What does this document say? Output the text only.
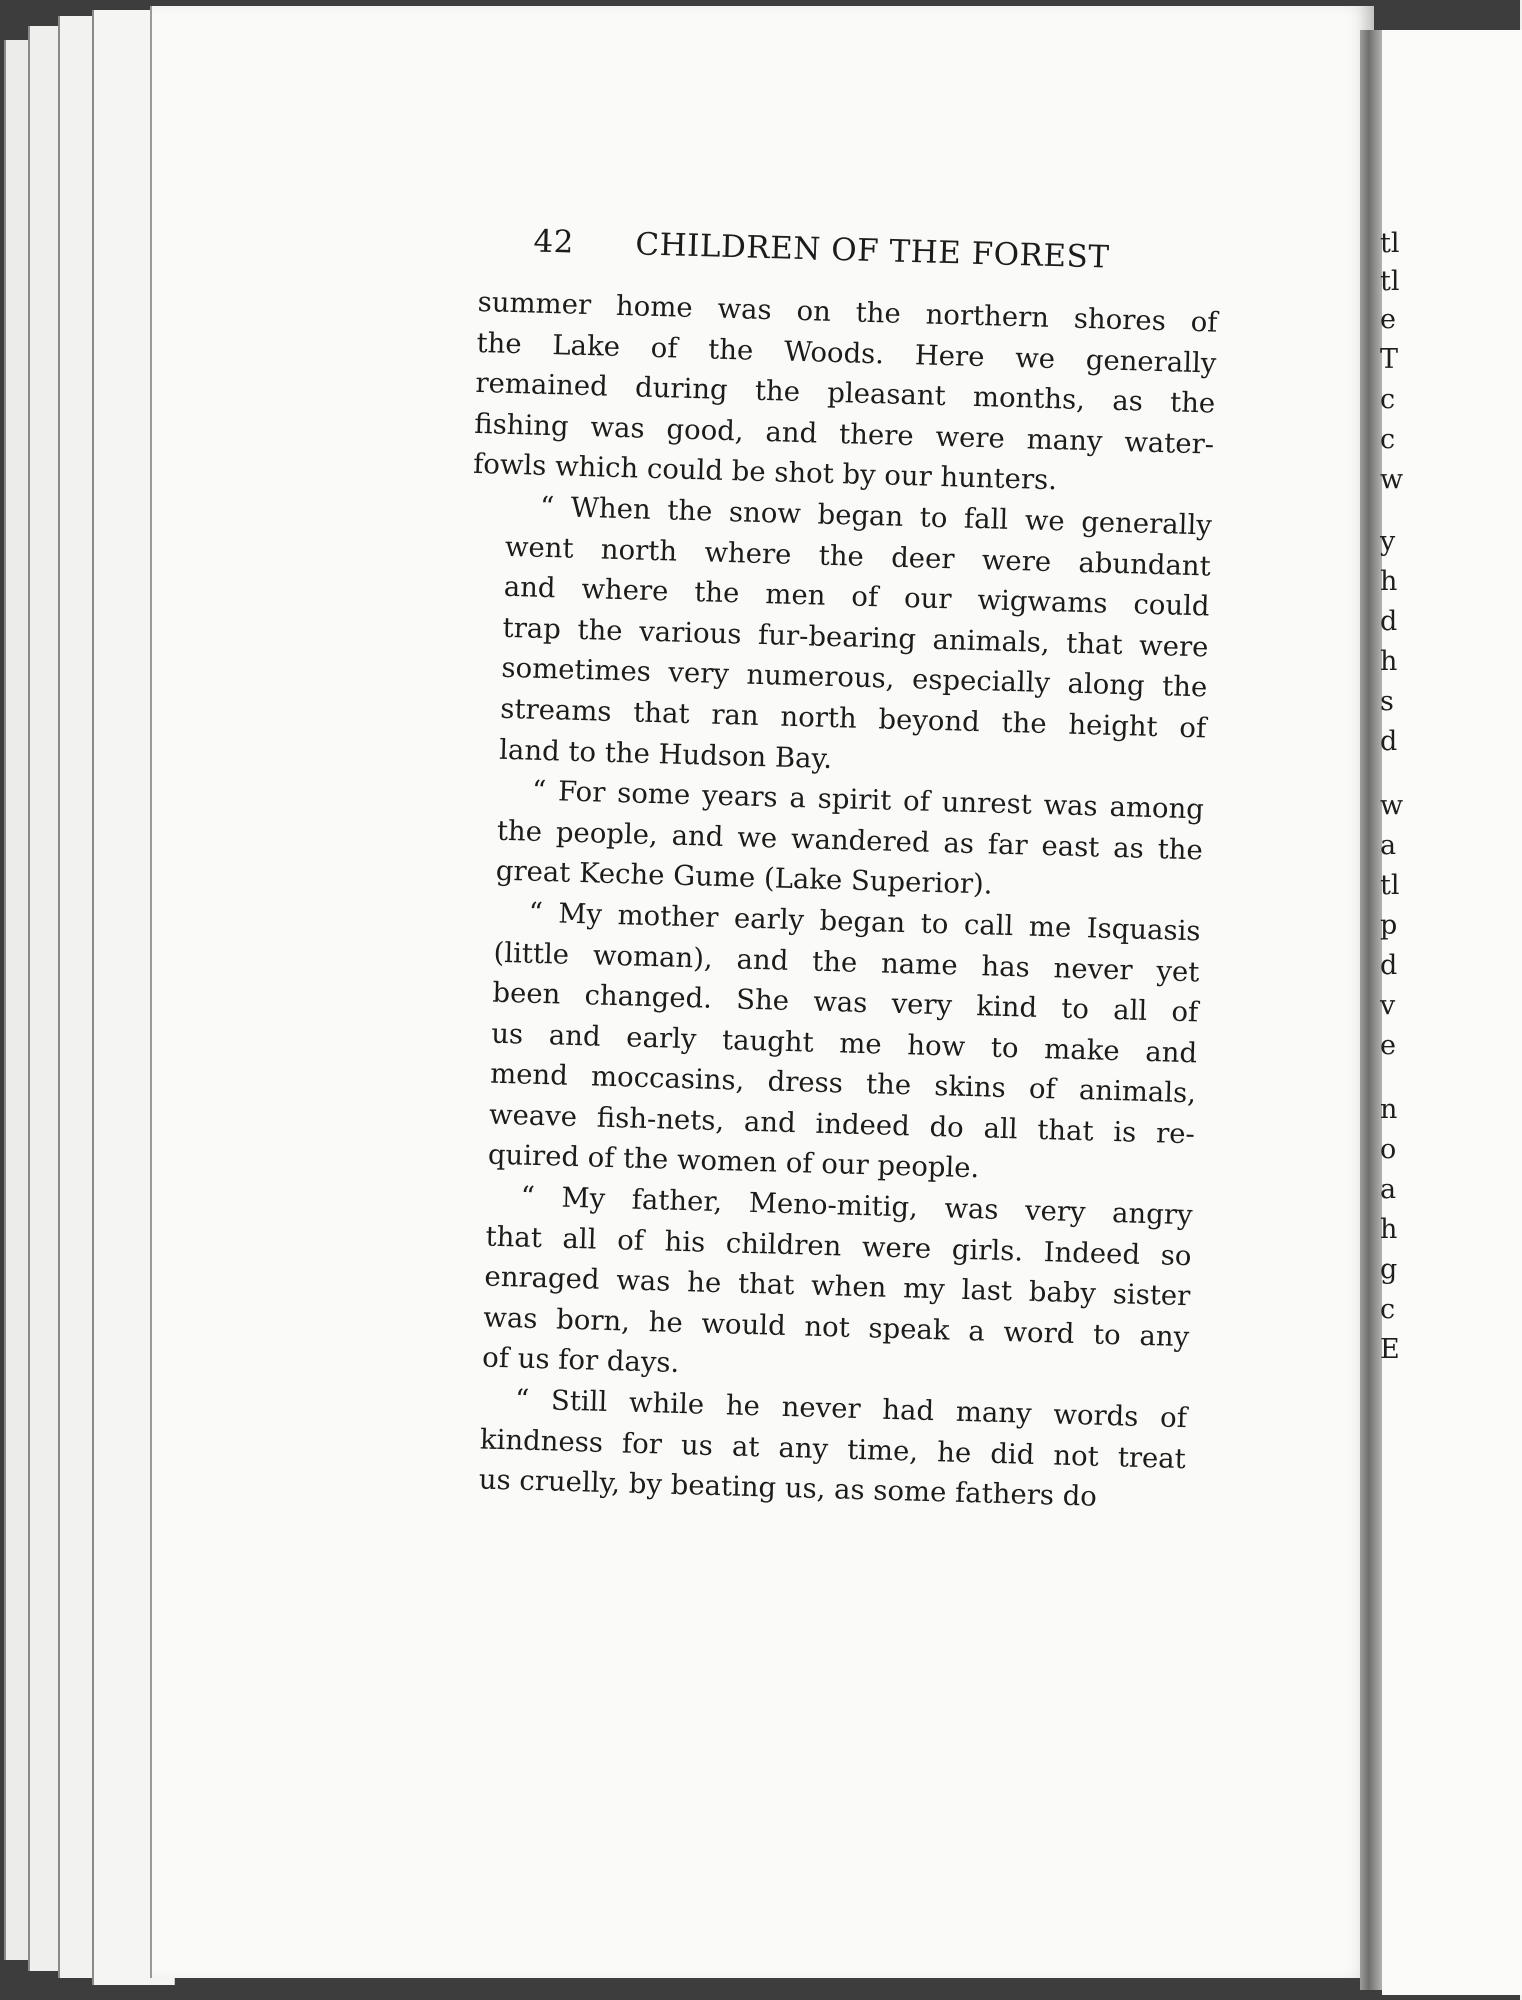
tl
tl
e
T
c
c
w
y
h
d
h
s
d
w
a
tl
p
d
v
e
n
o
a
h
g
c
E
42	CHILDREN OF THE FOREST

summer home was on the northern shores of
the Lake of the Woods. Here we generally
remained during the pleasant months, as the
fishing was good, and there were many water-
fowls which could be shot by our hunters.

“ When the snow began to fall we generally
went north where the deer were abundant
and where the men of our wigwams could
trap the various fur-bearing animals, that were
sometimes very numerous, especially along the
streams that ran north beyond the height of
land to the Hudson Bay.

“ For some years a spirit of unrest was among
the people, and we wandered as far east as the
great Keche Gume (Lake Superior).

“ My mother early began to call me Isquasis
(little woman), and the name has never yet
been changed. She was very kind to all of
us and early taught me how to make and
mend moccasins, dress the skins of animals,
weave fish-nets, and indeed do all that is re-
quired of the women of our people.

“ My father, Meno-mitig, was very angry
that all of his children were girls. Indeed so
enraged was he that when my last baby sister
was born, he would not speak a word to any
of us for days.

“ Still while he never had many words of
kindness for us at any time, he did not treat
us cruelly, by beating us, as some fathers do
